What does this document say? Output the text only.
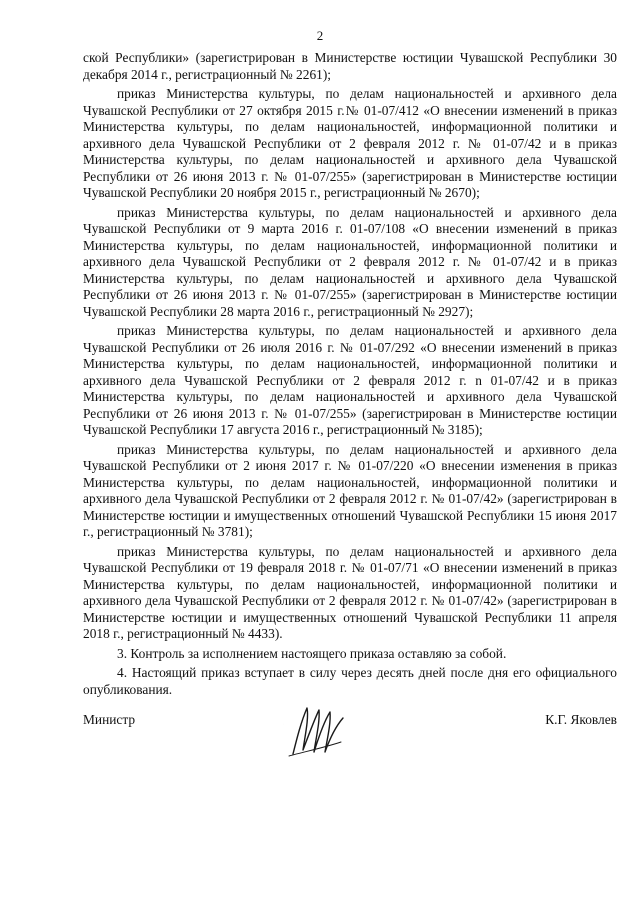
2

ской Республики» (зарегистрирован в Министерстве юстиции Чувашской Республики 30 декабря 2014 г., регистрационный № 2261);

приказ Министерства культуры, по делам национальностей и архивного дела Чувашской Республики от 27 октября 2015 г.№ 01-07/412 «О внесении изменений в приказ Министерства культуры, по делам национальностей, информационной политики и архивного дела Чувашской Республики от 2 февраля 2012 г. № 01-07/42 и в приказ Министерства культуры, по делам национальностей и архивного дела Чувашской Республики от 26 июня 2013 г. № 01-07/255» (зарегистрирован в Министерстве юстиции Чувашской Республики 20 ноября 2015 г., регистрационный № 2670);

приказ Министерства культуры, по делам национальностей и архивного дела Чувашской Республики от 9 марта 2016 г. 01-07/108 «О внесении изменений в приказ Министерства культуры, по делам национальностей, информационной политики и архивного дела Чувашской Республики от 2 февраля 2012 г. № 01-07/42 и в приказ Министерства культуры, по делам национальностей и архивного дела Чувашской Республики от 26 июня 2013 г. № 01-07/255» (зарегистрирован в Министерстве юстиции Чувашской Республики 28 марта 2016 г., регистрационный № 2927);

приказ Министерства культуры, по делам национальностей и архивного дела Чувашской Республики от 26 июля 2016 г. № 01-07/292 «О внесении изменений в приказ Министерства культуры, по делам национальностей, информационной политики и архивного дела Чувашской Республики от 2 февраля 2012 г. n 01-07/42 и в приказ Министерства культуры, по делам национальностей и архивного дела Чувашской Республики от 26 июня 2013 г. № 01-07/255» (зарегистрирован в Министерстве юстиции Чувашской Республики 17 августа 2016 г., регистрационный № 3185);

приказ Министерства культуры, по делам национальностей и архивного дела Чувашской Республики от 2 июня 2017 г. № 01-07/220 «О внесении изменения в приказ Министерства культуры, по делам национальностей, информационной политики и архивного дела Чувашской Республики от 2 февраля 2012 г. № 01-07/42» (зарегистрирован в Министерстве юстиции и имущественных отношений Чувашской Республики 15 июня 2017 г., регистрационный № 3781);

приказ Министерства культуры, по делам национальностей и архивного дела Чувашской Республики от 19 февраля 2018 г. № 01-07/71 «О внесении изменений в приказ Министерства культуры, по делам национальностей, информационной политики и архивного дела Чувашской Республики от 2 февраля 2012 г. № 01-07/42» (зарегистрирован в Министерстве юстиции и имущественных отношений Чувашской Республики 11 апреля 2018 г., регистрационный № 4433).

3. Контроль за исполнением настоящего приказа оставляю за собой.

4. Настоящий приказ вступает в силу через десять дней после дня его официального опубликования.

Министр	К.Г. Яковлев
